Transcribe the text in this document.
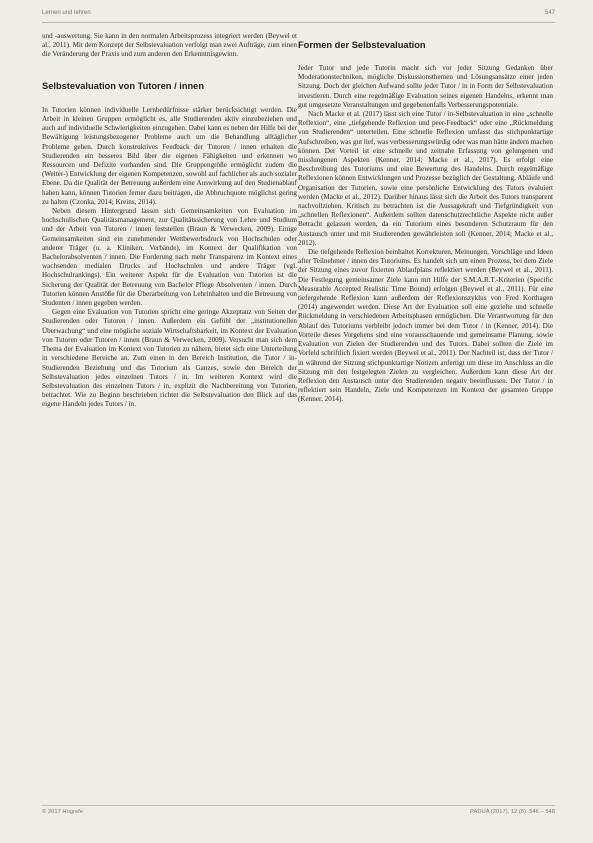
Lernen und lehren	547

und -auswertung. Sie kann in den normalen Arbeitsprozess integriert werden (Beywel et al., 2011). Mit dem Konzept der Selbstevaluation verfolgt man zwei Aufträge, zum einen die Veränderung der Praxis und zum anderen den Erkenntnisgewinn.

Selbstevaluation von Tutoren / innen

In Tutorien können individuelle Lernbedürfnisse stärker berücksichtigt werden. Die Arbeit in kleinen Gruppen ermöglicht es, alle Studierenden aktiv einzubeziehen und auch auf individuelle Schwierigkeiten einzugehen. Dabei kann es neben der Hilfe bei der Bewältigung leistungsbezogener Probleme auch um die Behandlung alltäglicher Probleme gehen. Durch konstruktives Feedback der Tutoren / innen erhalten die Studierenden ein besseres Bild über die eigenen Fähigkeiten und erkennen wo Ressourcen und Defizite vorhanden sind. Die Gruppengröße ermöglicht zudem die (Weiter-) Entwicklung der eigenen Kompetenzen, sowohl auf fachlicher als auch sozialer Ebene. Da die Qualität der Betreuung außerdem eine Auswirkung auf den Studienablauf haben kann, können Tutorien ferner dazu beitragen, die Abbruchquote möglichst gering zu halten (Czonka, 2014; Kreins, 2014).

Neben diesem Hintergrund lassen sich Gemeinsamkeiten von Evaluation im hochschulischen Qualitätsmanagement, zur Qualitätssicherung von Lehre und Studium und der Arbeit von Tutoren / innen feststellen (Braun & Verwecken, 2009). Einige Gemeinsamkeiten sind ein zunehmender Wettbewerbsdruck von Hochschulen oder anderer Träger (u. a. Kliniken, Verbände), im Kontext der Qualifikation von Bachelorabsolventen / innen. Die Forderung nach mehr Transparenz im Kontext eines wachsenden medialen Drucks auf Hochschulen und andere Träger (vgl. Hochschulrankings). Ein weiterer Aspekt für die Evaluation von Tutorien ist die Sicherung der Qualität der Betreuung von Bachelor Pflege Absolventen / innen. Durch Tutorien können Anstöße für die Überarbeitung von Lehrinhalten und die Betreuung von Studenten / innen gegeben werden.

Gegen eine Evaluation von Tutorien spricht eine geringe Akzeptanz von Seiten der Studierenden oder Tutoren / innen. Außerdem ein Gefühl der „institutionellen Überwachung“ und eine mögliche soziale Wirtschaftsbarkeit, im Kontext der Evaluation von Tutoren oder Tutoren / innen (Braun & Verwecken, 2009). Versucht man sich dem Thema der Evaluation im Kontext von Tutorien zu nähern, bietet sich eine Unterteilung in verschiedene Bereiche an. Zum einen in den Bereich Institution, die Tutor / in-Studierenden Beziehung und das Tutorium als Ganzes, sowie den Bereich der Selbstevaluation jedes einzelnen Tutors / in. Im weiteren Kontext wird die Selbstevaluation des einzelnen Tutors / in, explizit die Nachbereitung von Tutorien, betrachtet. Wie zu Beginn beschrieben richtet die Selbstevaluation den Blick auf das eigene Handeln jedes Tutors / in.

Formen der Selbstevaluation

Jeder Tutor und jede Tutorin macht sich vor jeder Sitzung Gedanken über Moderationstechniken, mögliche Diskussionsthemen und Lösungsansätze einer jeden Sitzung. Doch der gleichen Aufwand sollte jeder Tutor / in in Form der Selbstevaluation investieren. Durch eine regelmäßige Evaluation seines eigenen Handelns, erkennt man gut umgesetzte Veranstaltungen und gegebenenfalls Verbesserungspotentiale.

Nach Macke et al. (2017) lässt sich eine Tutor / in-Selbstevaluation in eine „schnelle Reflexion“, eine „tiefgehende Reflexion und peer-Feedback“ oder eine „Rückmeldung von Studierenden“ unterteilen. Eine schnelle Reflexion umfasst das stichpunktartige Aufschreiben, was gut lief, was verbesserungswürdig oder was man hätte ändern machen können. Der Vorteil ist eine schnelle und zeitnahe Erfassung von gelungenen und misslungenen Aspekten (Kenner, 2014; Macke et al., 2017). Es erfolgt eine Beschreibung des Tutoriums und eine Bewertung des Handelns. Durch regelmäßige Reflexionen können Entwicklungen und Prozesse bezüglich der Gestaltung, Abläufe und Organisation der Tutorien, sowie eine persönliche Entwicklung des Tutors evaluiert werden (Macke et al., 2012). Darüber hinaus lässt sich die Arbeit des Tutors transparent nachvollziehen. Kritisch zu betrachten ist die Aussagekraft und Tiefgründigkeit von „schnellen Reflexionen“. Außerdem sollten datenschutzrechtliche Aspekte nicht außer Betracht gelassen werden, da ein Tutorium eines besonderen Schutzraum für den Austausch unter und mit Studierenden gewährleisten soll (Kenner, 2014; Macke et al., 2012).

Die tiefgehende Reflexion beinhaltet Korrekturen, Meinungen, Vorschläge und Ideen after Teilnehmer / innen des Tutoriums. Es handelt sich um einen Prozess, bei dem Ziele der Sitzung eines zuvor fixierten Ablaufplans reflektiert werden (Beywel et al., 2011). Die Festlegung gemeinsamer Ziele kann mit Hilfe der S.M.A.R.T.-Kriterien (Specific Measurable Accepted Realistic Time Bound) erfolgen (Beywel et al., 2011). Für eine tiefergehende Reflexion kann außerdem der Reflexionszyklus von Fred Korthagen (2014) angewendet werden. Diese Art der Evaluation soll eine gezielte und schnelle Rückmeldung in verschiedenen Arbeitsphasen ermöglichen. Die Verantwortung für den Ablauf des Tutoriums verbleibt jedoch immer bei dem Tutor / in (Kenner, 2014). Die Vorteile dieses Vorgehens sind eine vorausschauende und gemeinsame Planung, sowie Evaluation von Zielen der Studierenden und des Tutors. Dabei sollten die Ziele im Vorfeld schriftlich fixiert werden (Beywel et al., 2011). Der Nachteil ist, dass der Tutor / in während der Sitzung stichpunktartige Notizen anfertigt um diese im Anschluss an die Sitzung mit den festgelegten Zielen zu vergleichen. Außerdem kann diese Art der Reflexion den Austausch unter den Studierenden negativ beeinflussen. Der Tutor / in reflektiert sein Handeln, Ziele und Kompetenzen im Kontext der gesamten Gruppe (Kenner, 2014).

© 2017 Hogrefe	PADUA (2017), 12 (6), 546 – 548
